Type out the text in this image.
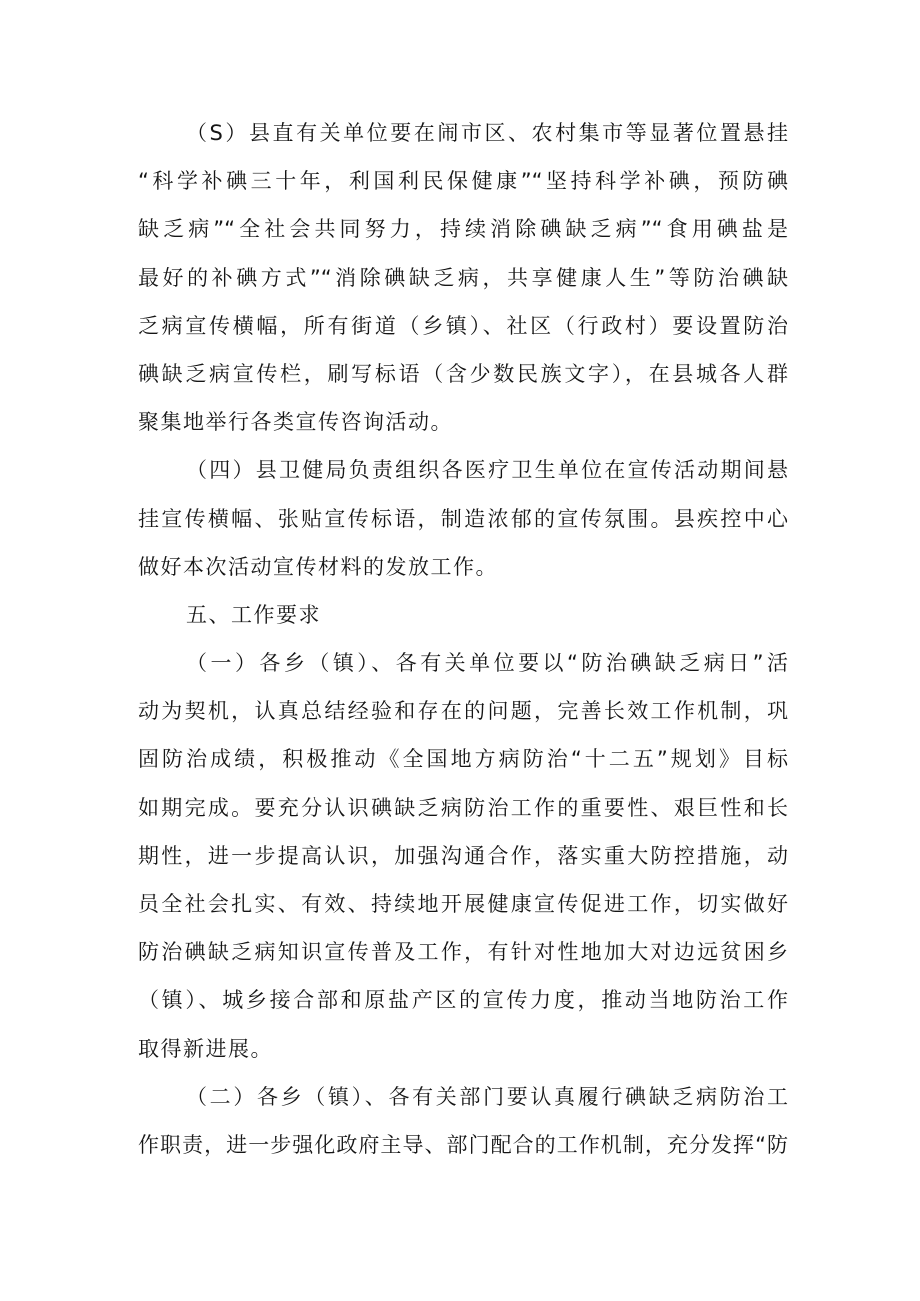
（S）县直有关单位要在闹市区、农村集市等显著位置悬挂
“科学补碘三十年，利国利民保健康”“坚持科学补碘，预防碘
缺乏病”“全社会共同努力，持续消除碘缺乏病”“食用碘盐是
最好的补碘方式”“消除碘缺乏病，共享健康人生”等防治碘缺
乏病宣传横幅，所有街道（乡镇）、社区（行政村）要设置防治
碘缺乏病宣传栏，刷写标语（含少数民族文字），在县城各人群
聚集地举行各类宣传咨询活动。
（四）县卫健局负责组织各医疗卫生单位在宣传活动期间悬
挂宣传横幅、张贴宣传标语，制造浓郁的宣传氛围。县疾控中心
做好本次活动宣传材料的发放工作。
五、工作要求
（一）各乡（镇）、各有关单位要以“防治碘缺乏病日”活
动为契机，认真总结经验和存在的问题，完善长效工作机制，巩
固防治成绩，积极推动《全国地方病防治“十二五”规划》目标
如期完成。要充分认识碘缺乏病防治工作的重要性、艰巨性和长
期性，进一步提高认识，加强沟通合作，落实重大防控措施，动
员全社会扎实、有效、持续地开展健康宣传促进工作，切实做好
防治碘缺乏病知识宣传普及工作，有针对性地加大对边远贫困乡
（镇）、城乡接合部和原盐产区的宣传力度，推动当地防治工作
取得新进展。
（二）各乡（镇）、各有关部门要认真履行碘缺乏病防治工
作职责，进一步强化政府主导、部门配合的工作机制，充分发挥“防
